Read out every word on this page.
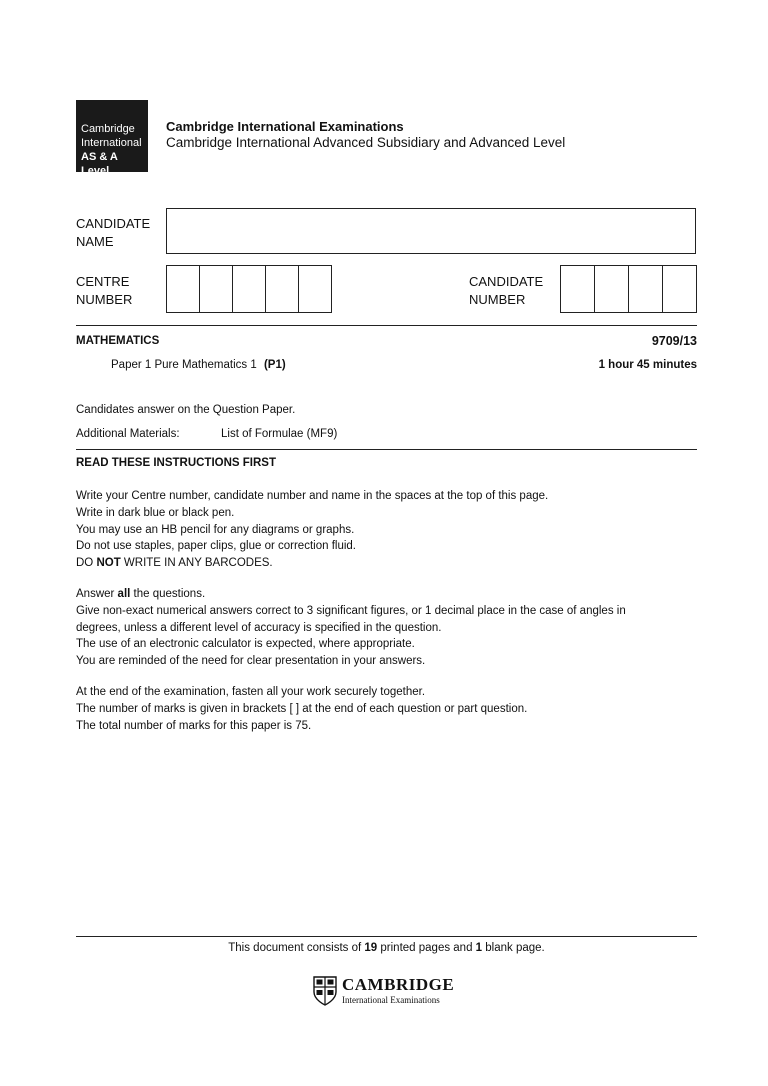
Cambridge
International
AS & A Level
Cambridge International Examinations
Cambridge International Advanced Subsidiary and Advanced Level
CANDIDATE
NAME
CENTRE
NUMBER
CANDIDATE
NUMBER
MATHEMATICS	9709/13
Paper 1 Pure Mathematics 1 (P1)	1 hour 45 minutes
Candidates answer on the Question Paper.
Additional Materials:	List of Formulae (MF9)
READ THESE INSTRUCTIONS FIRST

Write your Centre number, candidate number and name in the spaces at the top of this page.

Write in dark blue or black pen.

You may use an HB pencil for any diagrams or graphs.

Do not use staples, paper clips, glue or correction fluid.

DO NOT WRITE IN ANY BARCODES.

Answer all the questions.

Give non-exact numerical answers correct to 3 significant figures, or 1 decimal place in the case of angles in

degrees, unless a different level of accuracy is specified in the question.

The use of an electronic calculator is expected, where appropriate.

You are reminded of the need for clear presentation in your answers.

At the end of the examination, fasten all your work securely together.

The number of marks is given in brackets [ ] at the end of each question or part question.

The total number of marks for this paper is 75.

This document consists of 19 printed pages and 1 blank page.
CAMBRIDGE
International Examinations
